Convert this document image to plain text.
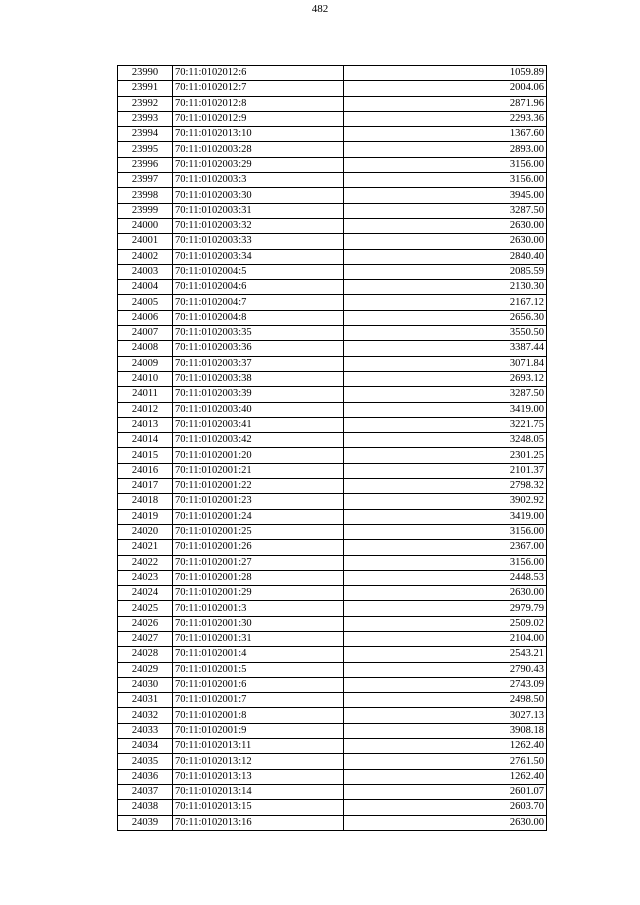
482
23990	70:11:0102012:6	1059.89
23991	70:11:0102012:7	2004.06
23992	70:11:0102012:8	2871.96
23993	70:11:0102012:9	2293.36
23994	70:11:0102013:10	1367.60
23995	70:11:0102003:28	2893.00
23996	70:11:0102003:29	3156.00
23997	70:11:0102003:3	3156.00
23998	70:11:0102003:30	3945.00
23999	70:11:0102003:31	3287.50
24000	70:11:0102003:32	2630.00
24001	70:11:0102003:33	2630.00
24002	70:11:0102003:34	2840.40
24003	70:11:0102004:5	2085.59
24004	70:11:0102004:6	2130.30
24005	70:11:0102004:7	2167.12
24006	70:11:0102004:8	2656.30
24007	70:11:0102003:35	3550.50
24008	70:11:0102003:36	3387.44
24009	70:11:0102003:37	3071.84
24010	70:11:0102003:38	2693.12
24011	70:11:0102003:39	3287.50
24012	70:11:0102003:40	3419.00
24013	70:11:0102003:41	3221.75
24014	70:11:0102003:42	3248.05
24015	70:11:0102001:20	2301.25
24016	70:11:0102001:21	2101.37
24017	70:11:0102001:22	2798.32
24018	70:11:0102001:23	3902.92
24019	70:11:0102001:24	3419.00
24020	70:11:0102001:25	3156.00
24021	70:11:0102001:26	2367.00
24022	70:11:0102001:27	3156.00
24023	70:11:0102001:28	2448.53
24024	70:11:0102001:29	2630.00
24025	70:11:0102001:3	2979.79
24026	70:11:0102001:30	2509.02
24027	70:11:0102001:31	2104.00
24028	70:11:0102001:4	2543.21
24029	70:11:0102001:5	2790.43
24030	70:11:0102001:6	2743.09
24031	70:11:0102001:7	2498.50
24032	70:11:0102001:8	3027.13
24033	70:11:0102001:9	3908.18
24034	70:11:0102013:11	1262.40
24035	70:11:0102013:12	2761.50
24036	70:11:0102013:13	1262.40
24037	70:11:0102013:14	2601.07
24038	70:11:0102013:15	2603.70
24039	70:11:0102013:16	2630.00
